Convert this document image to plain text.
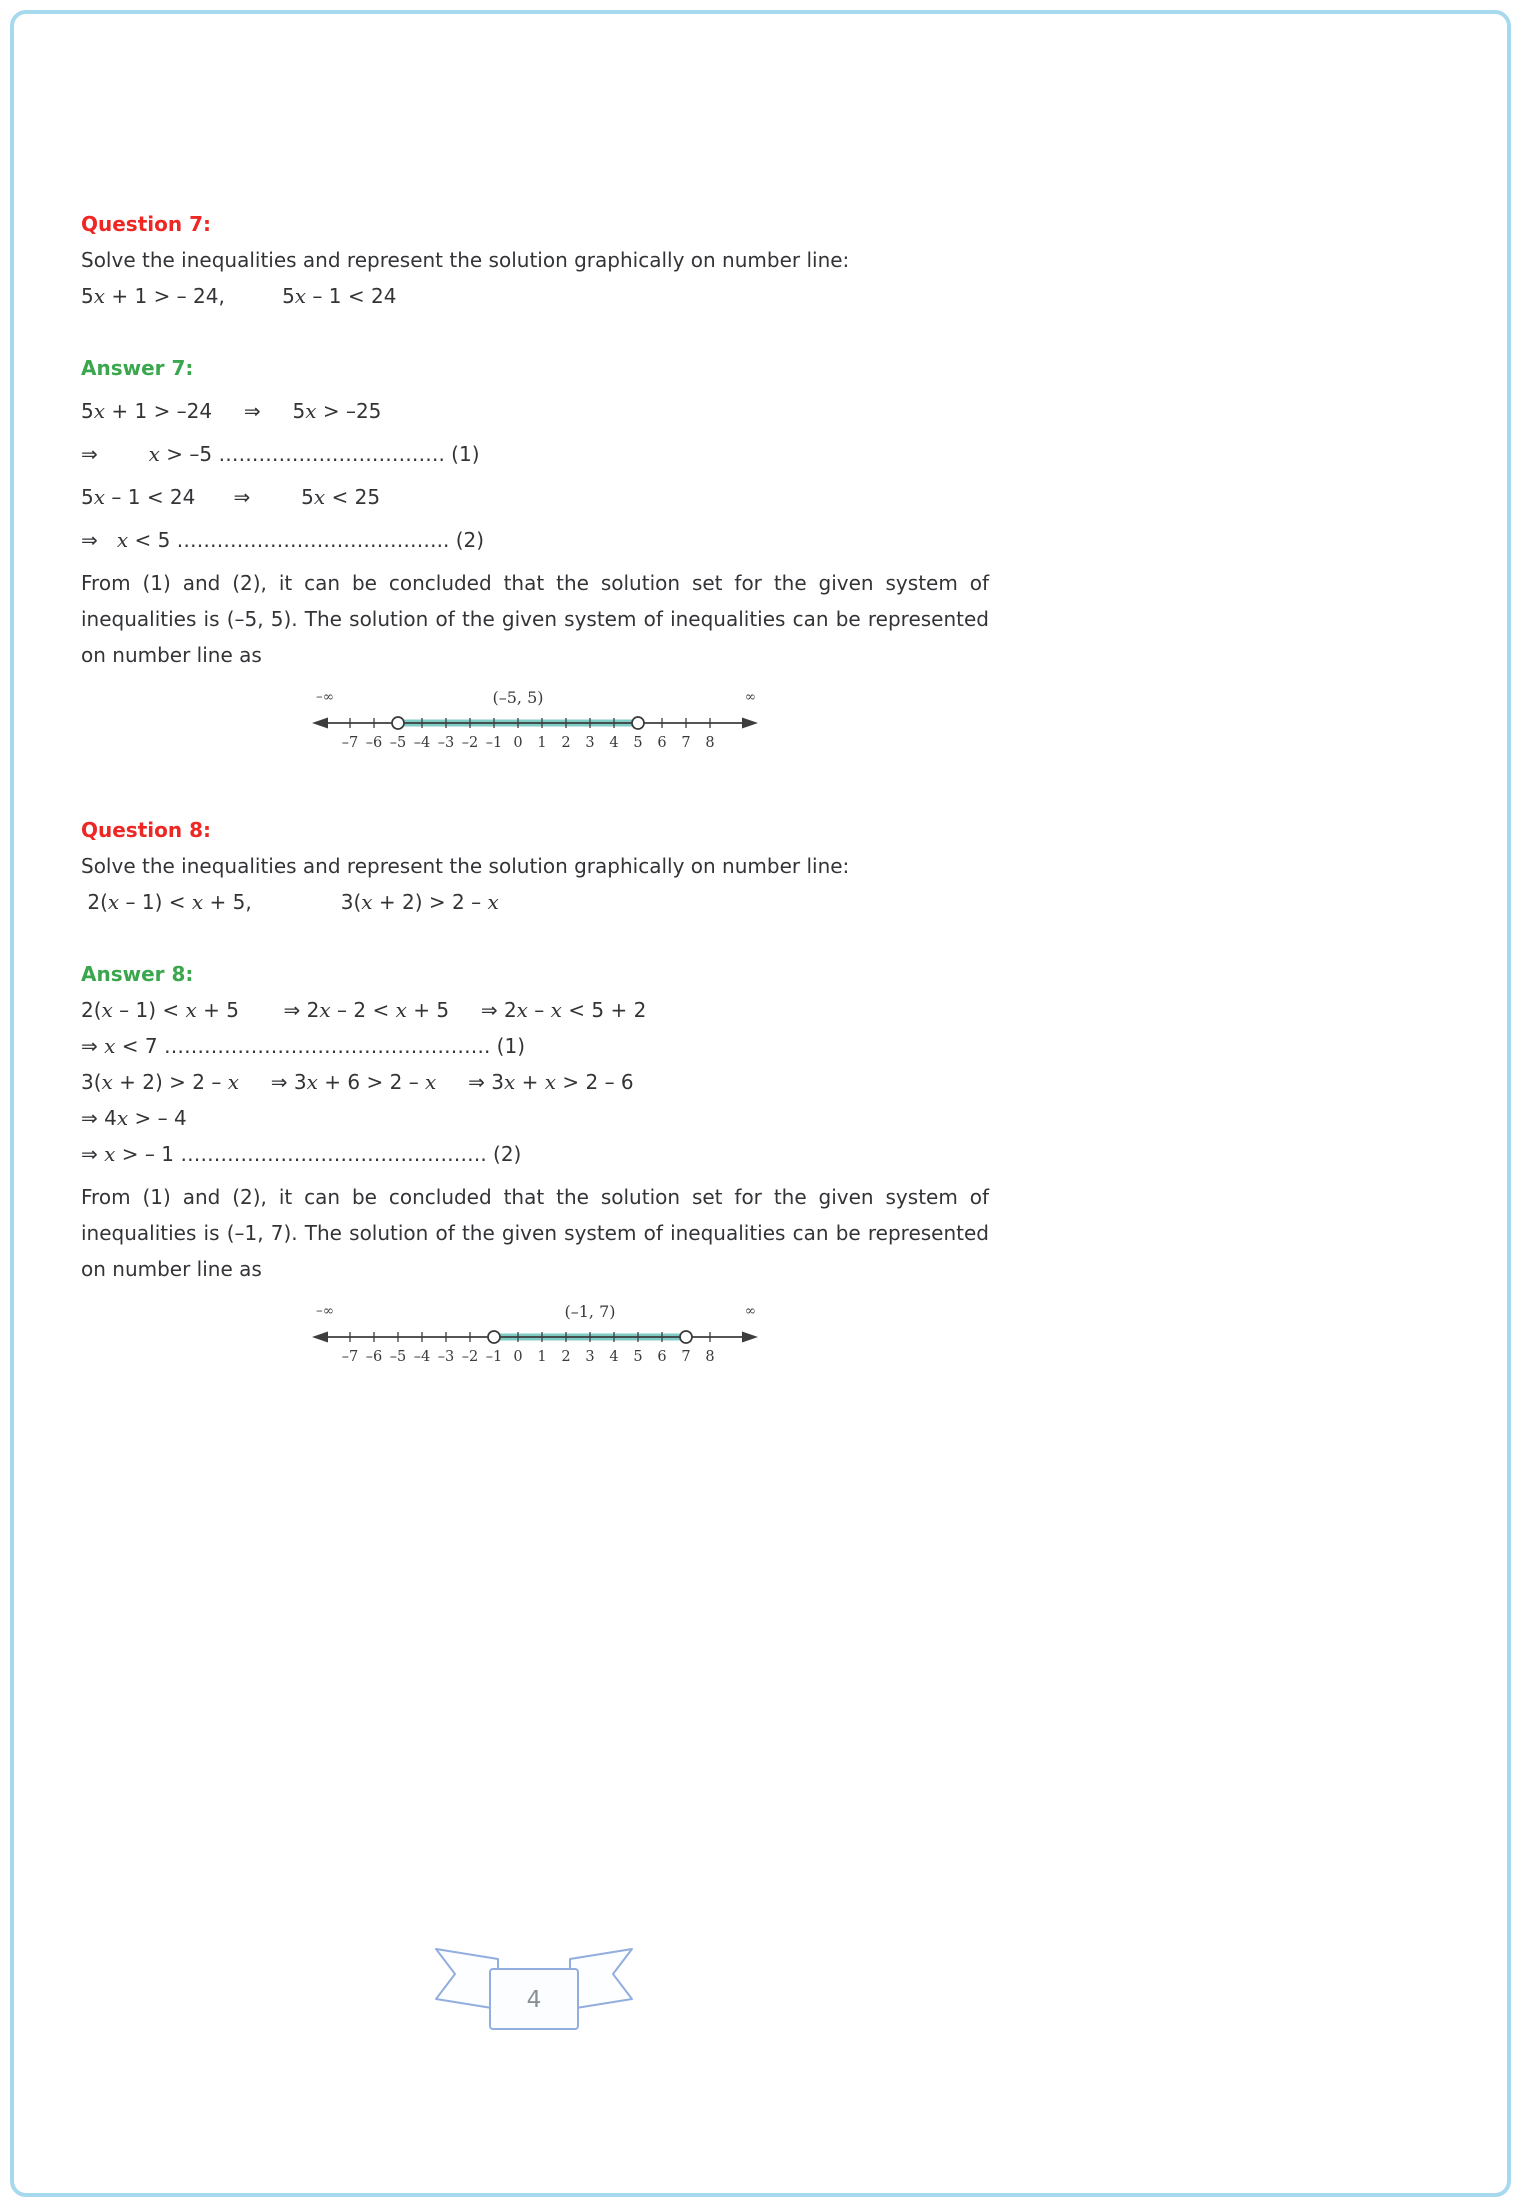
Question 7:

Solve the inequalities and represent the solution graphically on number line:

5x + 1 > – 24,         5x – 1 < 24

Answer 7:

5x + 1 > –24     ⇒     5x > –25

⇒        x > –5 ……………………………. (1)

5x – 1 < 24      ⇒        5x < 25

⇒   x < 5 ………………………………….. (2)

From (1) and (2), it can be concluded that the solution set for the given system of inequalities is (–5, 5). The solution of the given system of inequalities can be represented on number line as

–7 –6 –5 –4 –3 –2 –1 0 1 2 3 4 5 6 7 8
–∞	∞
(–5, 5)

Question 8:

Solve the inequalities and represent the solution graphically on number line:

2(x – 1) < x + 5,              3(x + 2) > 2 – x

Answer 8:

2(x – 1) < x + 5       ⇒ 2x – 2 < x + 5     ⇒ 2x – x < 5 + 2

⇒ x < 7 …………………………………………. (1)

3(x + 2) > 2 – x     ⇒ 3x + 6 > 2 – x     ⇒ 3x + x > 2 – 6

⇒ 4x > – 4

⇒ x > – 1 ………………………………………. (2)

From (1) and (2), it can be concluded that the solution set for the given system of inequalities is (–1, 7). The solution of the given system of inequalities can be represented on number line as

–7 –6 –5 –4 –3 –2 –1 0 1 2 3 4 5 6 7 8
–∞	∞
(–1, 7)
4
